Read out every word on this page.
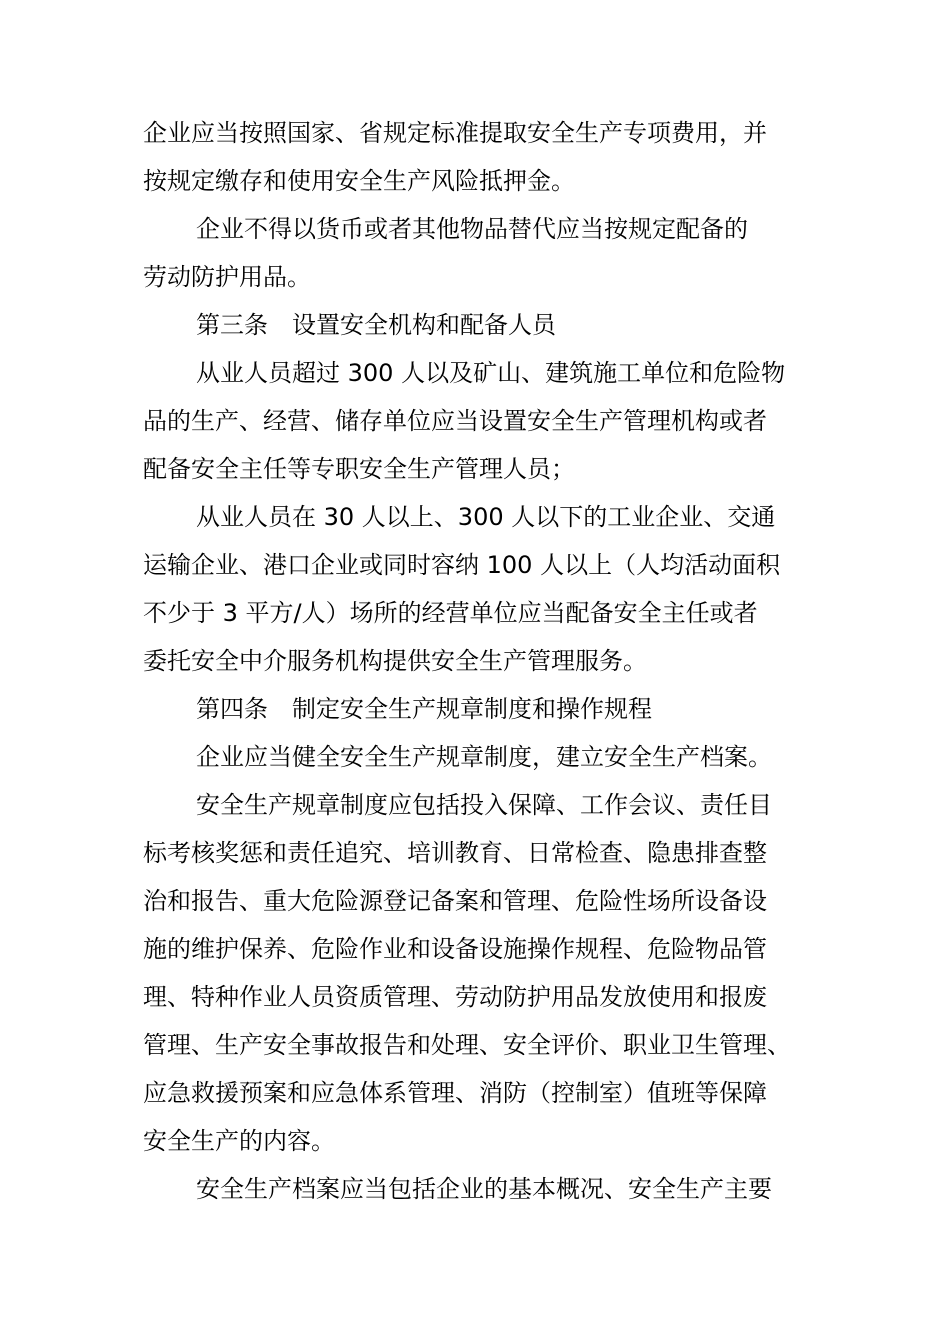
企业应当按照国家、省规定标准提取安全生产专项费用，并
按规定缴存和使用安全生产风险抵押金。
企业不得以货币或者其他物品替代应当按规定配备的
劳动防护用品。
第三条　设置安全机构和配备人员
从业人员超过 300 人以及矿山、建筑施工单位和危险物
品的生产、经营、储存单位应当设置安全生产管理机构或者
配备安全主任等专职安全生产管理人员；
从业人员在 30 人以上、300 人以下的工业企业、交通
运输企业、港口企业或同时容纳 100 人以上（人均活动面积
不少于 3 平方/人）场所的经营单位应当配备安全主任或者
委托安全中介服务机构提供安全生产管理服务。
第四条　制定安全生产规章制度和操作规程
企业应当健全安全生产规章制度，建立安全生产档案。
安全生产规章制度应包括投入保障、工作会议、责任目
标考核奖惩和责任追究、培训教育、日常检查、隐患排查整
治和报告、重大危险源登记备案和管理、危险性场所设备设
施的维护保养、危险作业和设备设施操作规程、危险物品管
理、特种作业人员资质管理、劳动防护用品发放使用和报废
管理、生产安全事故报告和处理、安全评价、职业卫生管理、
应急救援预案和应急体系管理、消防（控制室）值班等保障
安全生产的内容。
安全生产档案应当包括企业的基本概况、安全生产主要
